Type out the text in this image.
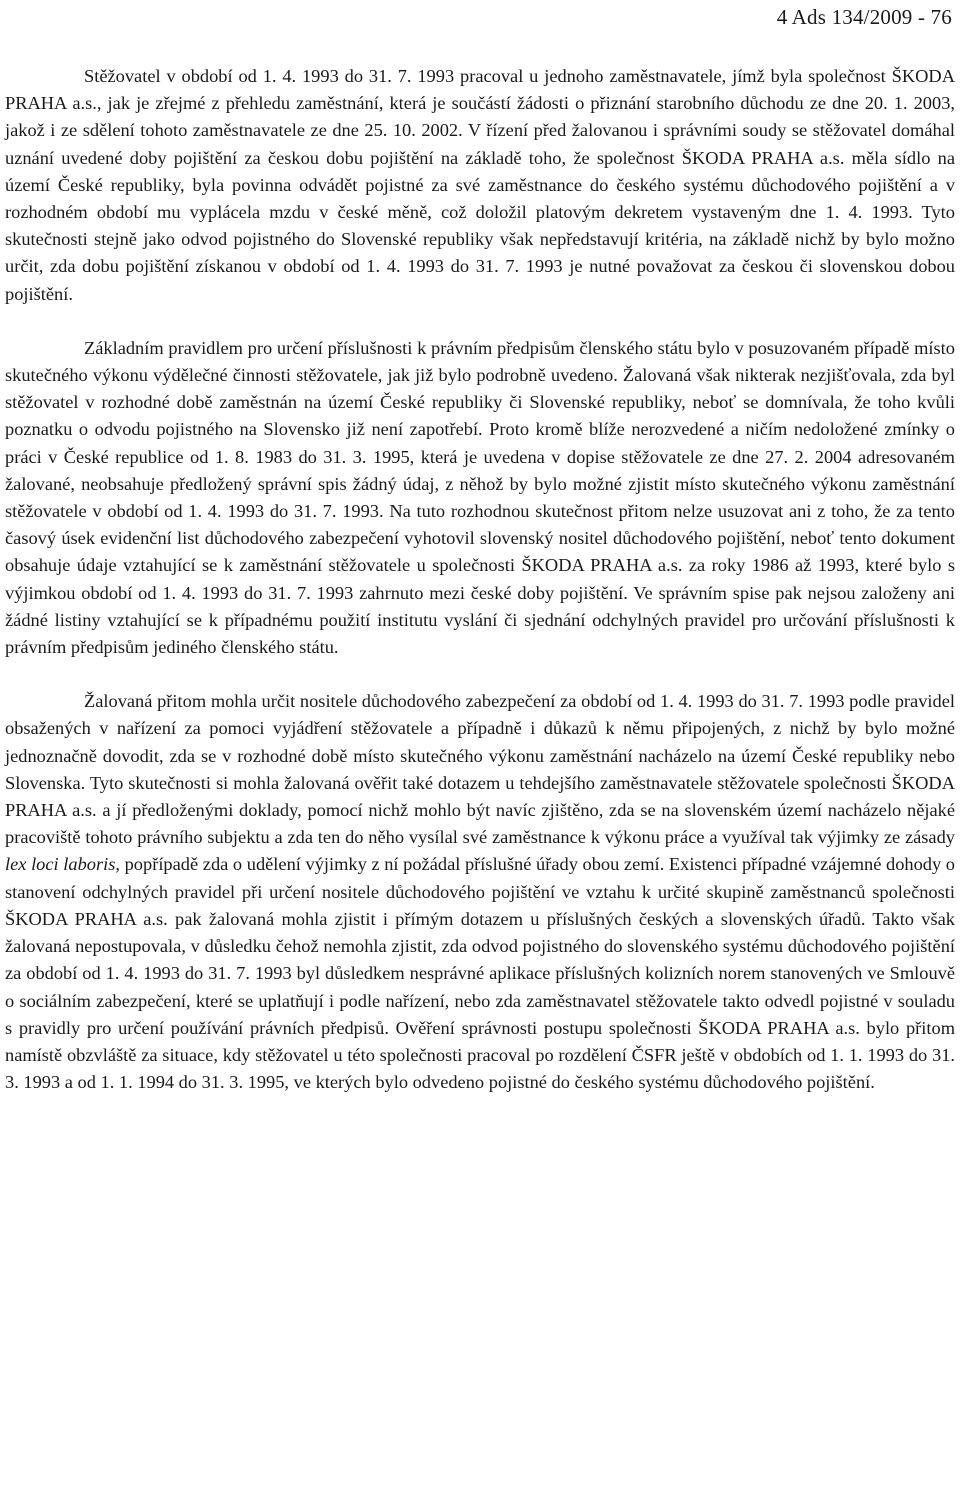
4 Ads 134/2009 - 76

Stěžovatel v období od 1. 4. 1993 do 31. 7. 1993 pracoval u jednoho zaměstnavatele, jímž byla společnost ŠKODA PRAHA a.s., jak je zřejmé z přehledu zaměstnání, která je součástí žádosti o přiznání starobního důchodu ze dne 20. 1. 2003, jakož i ze sdělení tohoto zaměstnavatele ze dne 25. 10. 2002. V řízení před žalovanou i správními soudy se stěžovatel domáhal uznání uvedené doby pojištění za českou dobu pojištění na základě toho, že společnost ŠKODA PRAHA a.s. měla sídlo na území České republiky, byla povinna odvádět pojistné za své zaměstnance do českého systému důchodového pojištění a v rozhodném období mu vyplácela mzdu v české měně, což doložil platovým dekretem vystaveným dne 1. 4. 1993. Tyto skutečnosti stejně jako odvod pojistného do Slovenské republiky však nepředstavují kritéria, na základě nichž by bylo možno určit, zda dobu pojištění získanou v období od 1. 4. 1993 do 31. 7. 1993 je nutné považovat za českou či slovenskou dobou pojištění.

Základním pravidlem pro určení příslušnosti k právním předpisům členského státu bylo v posuzovaném případě místo skutečného výkonu výdělečné činnosti stěžovatele, jak již bylo podrobně uvedeno. Žalovaná však nikterak nezjišťovala, zda byl stěžovatel v rozhodné době zaměstnán na území České republiky či Slovenské republiky, neboť se domnívala, že toho kvůli poznatku o odvodu pojistného na Slovensko již není zapotřebí. Proto kromě blíže nerozvedené a ničím nedoložené zmínky o práci v České republice od 1. 8. 1983 do 31. 3. 1995, která je uvedena v dopise stěžovatele ze dne 27. 2. 2004 adresovaném žalované, neobsahuje předložený správní spis žádný údaj, z něhož by bylo možné zjistit místo skutečného výkonu zaměstnání stěžovatele v období od 1. 4. 1993 do 31. 7. 1993. Na tuto rozhodnou skutečnost přitom nelze usuzovat ani z toho, že za tento časový úsek evidenční list důchodového zabezpečení vyhotovil slovenský nositel důchodového pojištění, neboť tento dokument obsahuje údaje vztahující se k zaměstnání stěžovatele u společnosti ŠKODA PRAHA a.s. za roky 1986 až 1993, které bylo s výjimkou období od 1. 4. 1993 do 31. 7. 1993 zahrnuto mezi české doby pojištění. Ve správním spise pak nejsou založeny ani žádné listiny vztahující se k případnému použití institutu vyslání či sjednání odchylných pravidel pro určování příslušnosti k právním předpisům jediného členského státu.

Žalovaná přitom mohla určit nositele důchodového zabezpečení za období od 1. 4. 1993 do 31. 7. 1993 podle pravidel obsažených v nařízení za pomoci vyjádření stěžovatele a případně i důkazů k němu připojených, z nichž by bylo možné jednoznačně dovodit, zda se v rozhodné době místo skutečného výkonu zaměstnání nacházelo na území České republiky nebo Slovenska. Tyto skutečnosti si mohla žalovaná ověřit také dotazem u tehdejšího zaměstnavatele stěžovatele společnosti ŠKODA PRAHA a.s. a jí předloženými doklady, pomocí nichž mohlo být navíc zjištěno, zda se na slovenském území nacházelo nějaké pracoviště tohoto právního subjektu a zda ten do něho vysílal své zaměstnance k výkonu práce a využíval tak výjimky ze zásady lex loci laboris, popřípadě zda o udělení výjimky z ní požádal příslušné úřady obou zemí. Existenci případné vzájemné dohody o stanovení odchylných pravidel při určení nositele důchodového pojištění ve vztahu k určité skupině zaměstnanců společnosti ŠKODA PRAHA a.s. pak žalovaná mohla zjistit i přímým dotazem u příslušných českých a slovenských úřadů. Takto však žalovaná nepostupovala, v důsledku čehož nemohla zjistit, zda odvod pojistného do slovenského systému důchodového pojištění za období od 1. 4. 1993 do 31. 7. 1993 byl důsledkem nesprávné aplikace příslušných kolizních norem stanovených ve Smlouvě o sociálním zabezpečení, které se uplatňují i podle nařízení, nebo zda zaměstnavatel stěžovatele takto odvedl pojistné v souladu s pravidly pro určení používání právních předpisů. Ověření správnosti postupu společnosti ŠKODA PRAHA a.s. bylo přitom namístě obzvláště za situace, kdy stěžovatel u této společnosti pracoval po rozdělení ČSFR ještě v obdobích od 1. 1. 1993 do 31. 3. 1993 a od 1. 1. 1994 do 31. 3. 1995, ve kterých bylo odvedeno pojistné do českého systému důchodového pojištění.
